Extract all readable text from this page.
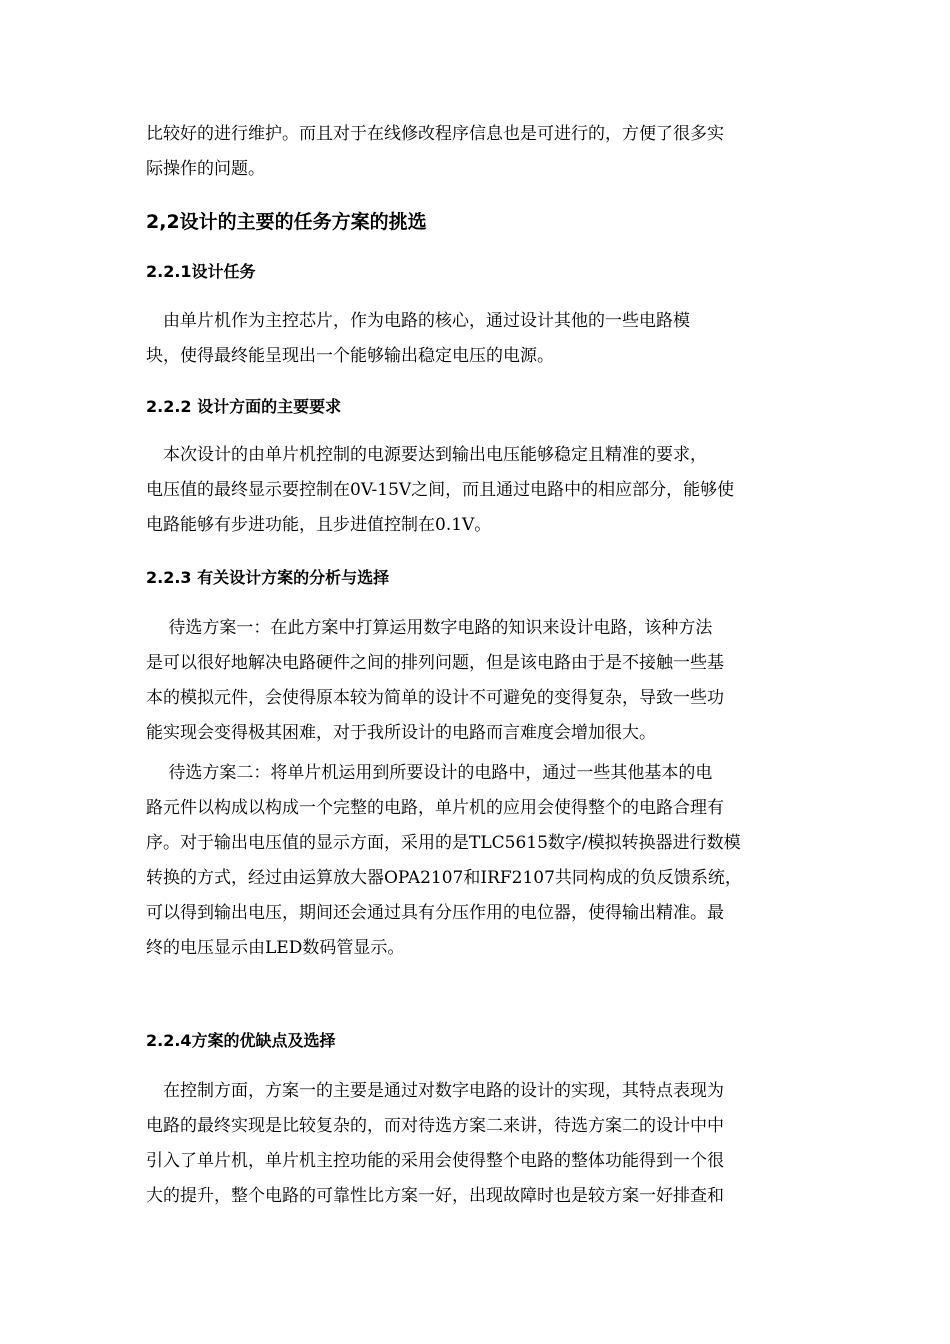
比较好的进行维护。而且对于在线修改程序信息也是可进行的，方便了很多实
际操作的问题。

2,2设计的主要的任务方案的挑选
2.2.1设计任务

　由单片机作为主控芯片，作为电路的核心，通过设计其他的一些电路模
块，使得最终能呈现出一个能够输出稳定电压的电源。

2.2.2 设计方面的主要要求

　本次设计的由单片机控制的电源要达到输出电压能够稳定且精准的要求，
电压值的最终显示要控制在0V-15V之间，而且通过电路中的相应部分，能够使
电路能够有步进功能，且步进值控制在0.1V。

2.2.3 有关设计方案的分析与选择

　 待选方案一：在此方案中打算运用数字电路的知识来设计电路，该种方法
是可以很好地解决电路硬件之间的排列问题，但是该电路由于是不接触一些基
本的模拟元件，会使得原本较为简单的设计不可避免的变得复杂，导致一些功
能实现会变得极其困难，对于我所设计的电路而言难度会增加很大。

　 待选方案二：将单片机运用到所要设计的电路中，通过一些其他基本的电
路元件以构成以构成一个完整的电路，单片机的应用会使得整个的电路合理有
序。对于输出电压值的显示方面，采用的是TLC5615数字/模拟转换器进行数模
转换的方式，经过由运算放大器OPA2107和IRF2107共同构成的负反馈系统，
可以得到输出电压，期间还会通过具有分压作用的电位器，使得输出精准。最
终的电压显示由LED数码管显示。

2.2.4方案的优缺点及选择

　在控制方面，方案一的主要是通过对数字电路的设计的实现，其特点表现为
电路的最终实现是比较复杂的，而对待选方案二来讲，待选方案二的设计中中
引入了单片机，单片机主控功能的采用会使得整个电路的整体功能得到一个很
大的提升，整个电路的可靠性比方案一好，出现故障时也是较方案一好排查和
